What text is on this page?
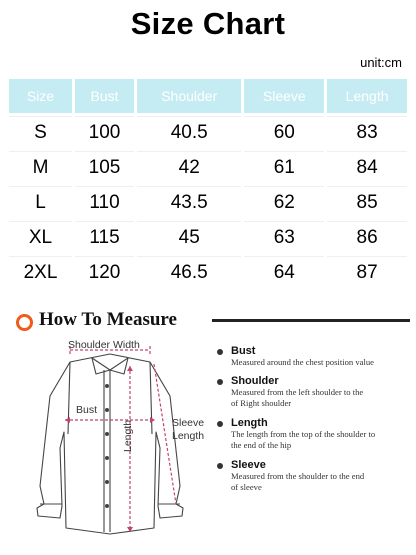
Size Chart
unit:cm
Size	Bust	Shoulder	Sleeve	Length
S	100	40.5	60	83
M	105	42	61	84
L	110	43.5	62	85
XL	115	45	63	86
2XL	120	46.5	64	87
How To Measure
Shoulder Width
Bust
Sleeve
Length
Length
Bust
Measured around the chest position value
Shoulder
Measured from the left shoulder to the
of Right shoulder
Length
The length from the top of the shoulder to
the end of the hip
Sleeve
Measured from the shoulder to the end
of sleeve
